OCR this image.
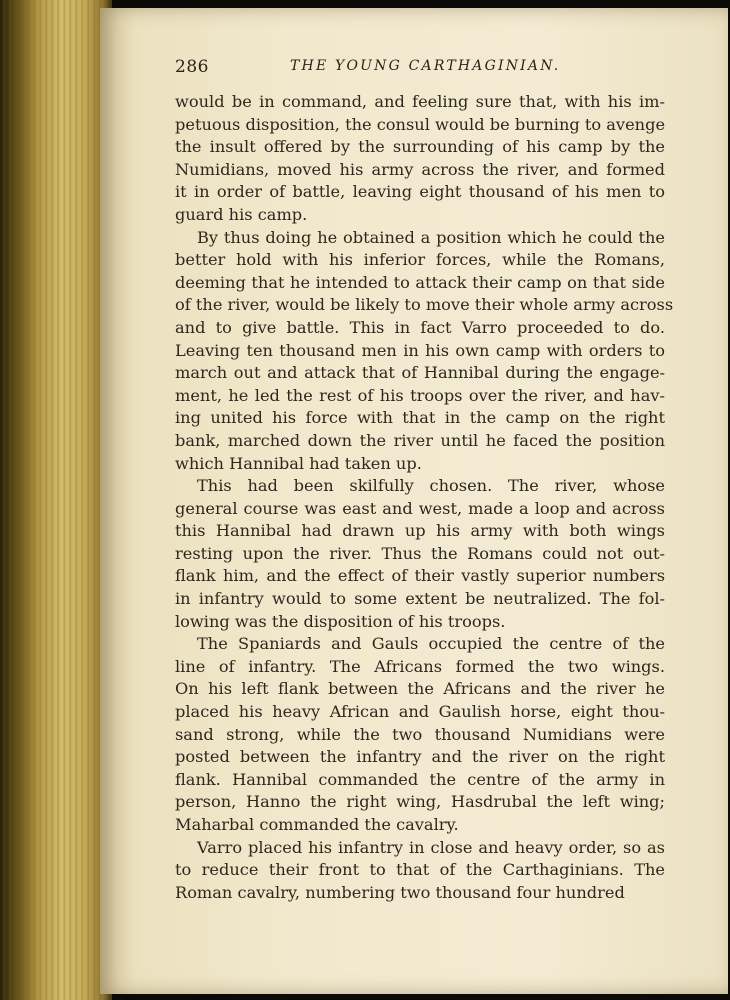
286	THE YOUNG CARTHAGINIAN.
would be in command, and feeling sure that, with his im-
petuous disposition, the consul would be burning to avenge
the insult offered by the surrounding of his camp by the
Numidians, moved his army across the river, and formed
it in order of battle, leaving eight thousand of his men to
guard his camp.
By thus doing he obtained a position which he could the
better hold with his inferior forces, while the Romans,
deeming that he intended to attack their camp on that side
of the river, would be likely to move their whole army across
and to give battle. This in fact Varro proceeded to do.
Leaving ten thousand men in his own camp with orders to
march out and attack that of Hannibal during the engage-
ment, he led the rest of his troops over the river, and hav-
ing united his force with that in the camp on the right
bank, marched down the river until he faced the position
which Hannibal had taken up.
This had been skilfully chosen. The river, whose
general course was east and west, made a loop and across
this Hannibal had drawn up his army with both wings
resting upon the river. Thus the Romans could not out-
flank him, and the effect of their vastly superior numbers
in infantry would to some extent be neutralized. The fol-
lowing was the disposition of his troops.
The Spaniards and Gauls occupied the centre of the
line of infantry. The Africans formed the two wings.
On his left flank between the Africans and the river he
placed his heavy African and Gaulish horse, eight thou-
sand strong, while the two thousand Numidians were
posted between the infantry and the river on the right
flank. Hannibal commanded the centre of the army in
person, Hanno the right wing, Hasdrubal the left wing;
Maharbal commanded the cavalry.
Varro placed his infantry in close and heavy order, so as
to reduce their front to that of the Carthaginians. The
Roman cavalry, numbering two thousand four hundred
